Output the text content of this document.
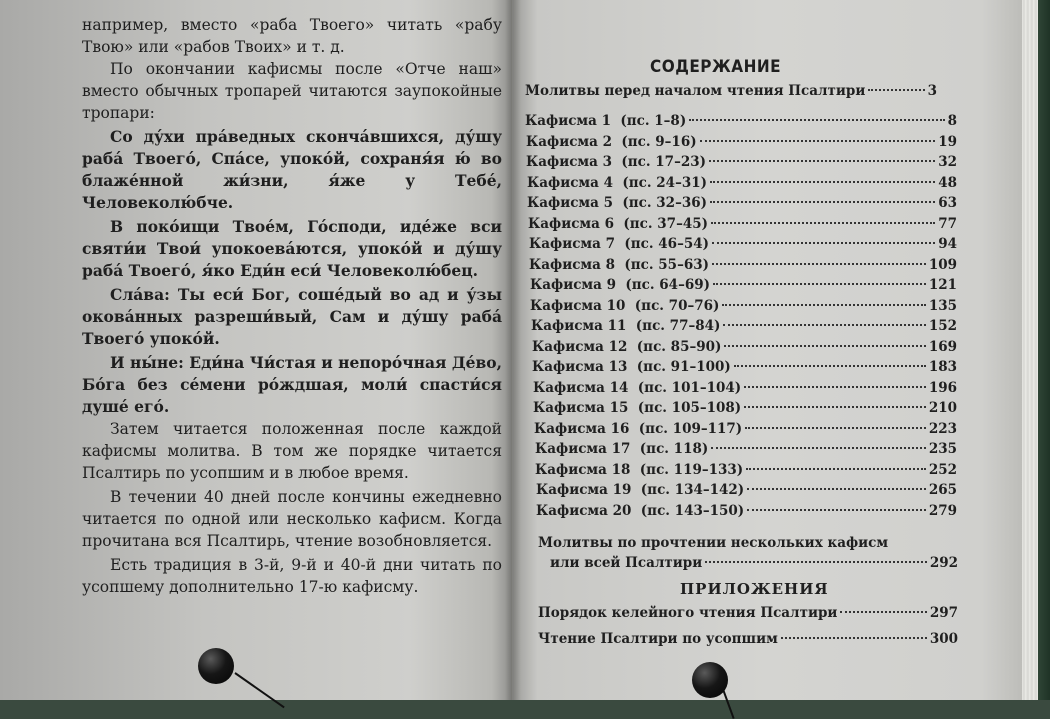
например, вместо «раба Твоего» читать «рабу Твою» или «рабов Твоих» и т. д.

По окончании кафисмы после «Отче наш» вместо обычных тропарей читаются заупокойные тропари:

Со ду́хи пра́ведных сконча́вшихся, ду́шу раба́ Твоего́, Спа́се, упоко́й, сохраня́я ю́ во блаже́нной жи́зни, я́же у Тебе́, Человеколю́бче.

В поко́ищи Твое́м, Го́споди, иде́же вси святи́и Твои́ упокоева́ются, упоко́й и ду́шу раба́ Твоего́, я́ко Еди́н еси́ Человеколю́бец.

Сла́ва: Ты еси́ Бог, соше́дый во ад и у́зы окова́нных разреши́вый, Сам и ду́шу раба́ Твоего́ упоко́й.

И ны́не: Еди́на Чи́стая и непоро́чная Де́во, Бо́га без се́мени ро́ждшая, моли́ спасти́ся душе́ его́.

Затем читается положенная после каждой кафисмы молитва. В том же порядке читается Псалтирь по усопшим и в любое время.

В течении 40 дней после кончины ежедневно читается по одной или несколько кафисм. Когда прочитана вся Псалтирь, чтение возобновляется.

Есть традиция в 3-й, 9-й и 40-й дни читать по усопшему дополнительно 17-ю кафисму.

СОДЕРЖАНИЕ
Молитвы перед началом чтения Псалтири	3
Кафисма 1  (пс. 1–8)	8
Кафисма 2  (пс. 9–16)	19
Кафисма 3  (пс. 17–23)	32
Кафисма 4  (пс. 24–31)	48
Кафисма 5  (пс. 32–36)	63
Кафисма 6  (пс. 37–45)	77
Кафисма 7  (пс. 46–54)	94
Кафисма 8  (пс. 55–63)	109
Кафисма 9  (пс. 64–69)	121
Кафисма 10  (пс. 70–76)	135
Кафисма 11  (пс. 77–84)	152
Кафисма 12  (пс. 85–90)	169
Кафисма 13  (пс. 91–100)	183
Кафисма 14  (пс. 101–104)	196
Кафисма 15  (пс. 105–108)	210
Кафисма 16  (пс. 109–117)	223
Кафисма 17  (пс. 118)	235
Кафисма 18  (пс. 119–133)	252
Кафисма 19  (пс. 134–142)	265
Кафисма 20  (пс. 143–150)	279
Молитвы по прочтении нескольких кафисм
или всей Псалтири	292
ПРИЛОЖЕНИЯ
Порядок келейного чтения Псалтири	297
Чтение Псалтири по усопшим	300
